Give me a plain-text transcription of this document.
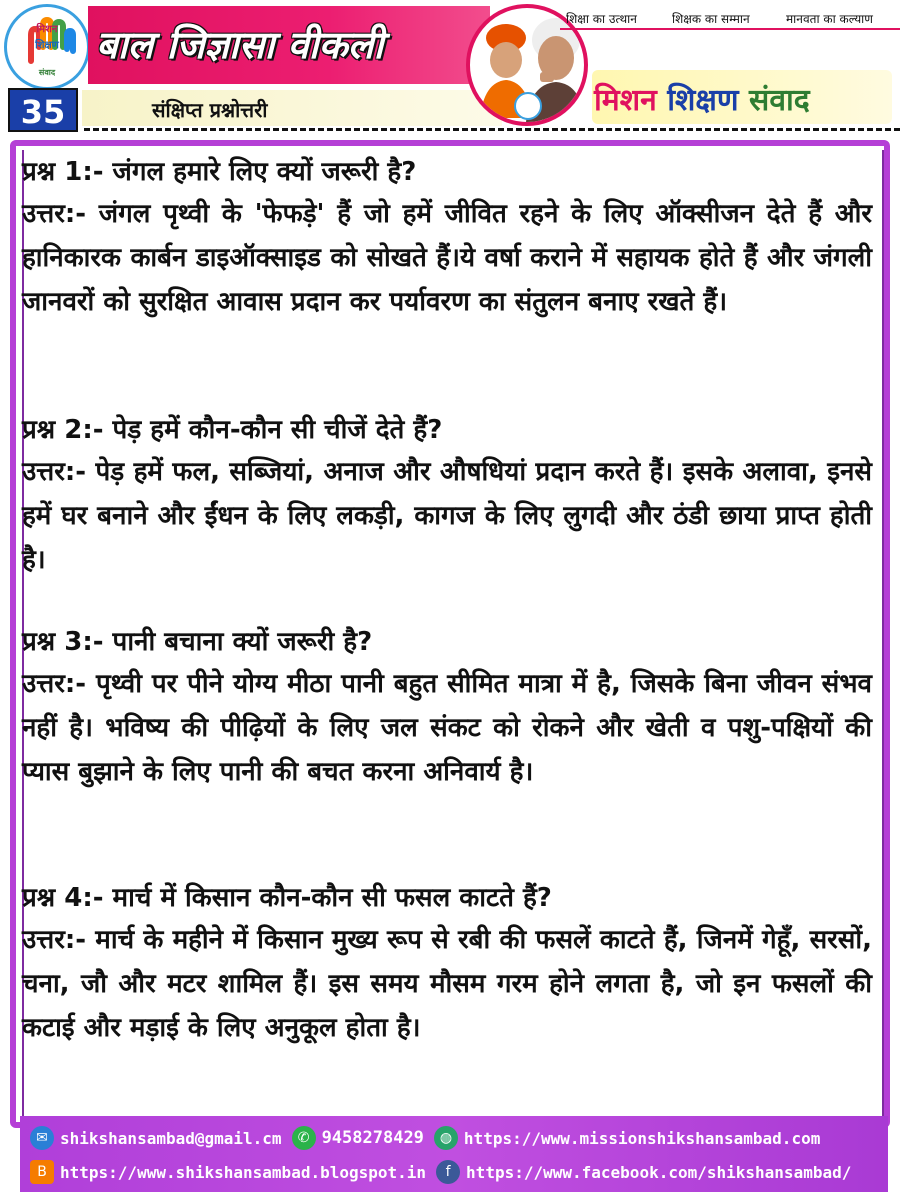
मिशन
शिक्षण
संवाद
बाल जिज्ञासा वीकली
35	संक्षिप्त प्रश्नोत्तरी
शिक्षा का उत्थान	शिक्षक का सम्मान	मानवता का कल्याण
मिशन शिक्षण संवाद
प्रश्न 1:- जंगल हमारे लिए क्यों जरूरी है?
उत्तर:- जंगल पृथ्वी के 'फेफड़े' हैं जो हमें जीवित रहने के लिए ऑक्सीजन देते हैं और हानिकारक कार्बन डाइऑक्साइड को सोखते हैं।ये वर्षा कराने में सहायक होते हैं और जंगली जानवरों को सुरक्षित आवास प्रदान कर पर्यावरण का संतुलन बनाए रखते हैं।
प्रश्न 2:- पेड़ हमें कौन-कौन सी चीजें देते हैं?
उत्तर:- पेड़ हमें फल, सब्जियां, अनाज और औषधियां प्रदान करते हैं। इसके अलावा, इनसे हमें घर बनाने और ईंधन के लिए लकड़ी, कागज के लिए लुगदी और ठंडी छाया प्राप्त होती है।
प्रश्न 3:- पानी बचाना क्यों जरूरी है?
उत्तर:- पृथ्वी पर पीने योग्य मीठा पानी बहुत सीमित मात्रा में है, जिसके बिना जीवन संभव नहीं है। भविष्य की पीढ़ियों के लिए जल संकट को रोकने और खेती व पशु-पक्षियों की प्यास बुझाने के लिए पानी की बचत करना अनिवार्य है।
प्रश्न 4:- मार्च में किसान कौन-कौन सी फसल काटते हैं?
उत्तर:- मार्च के महीने में किसान मुख्य रूप से रबी की फसलें काटते हैं, जिनमें गेहूँ, सरसों, चना, जौ और मटर शामिल हैं। इस समय मौसम गरम होने लगता है, जो इन फसलों की कटाई और मड़ाई के लिए अनुकूल होता है।
✉ shikshansambad@gmail.cm	✆ 9458278429	◍ https://www.missionshikshansambad.com
B https://www.shikshansambad.blogspot.in	f https://www.facebook.com/shikshansambad/
